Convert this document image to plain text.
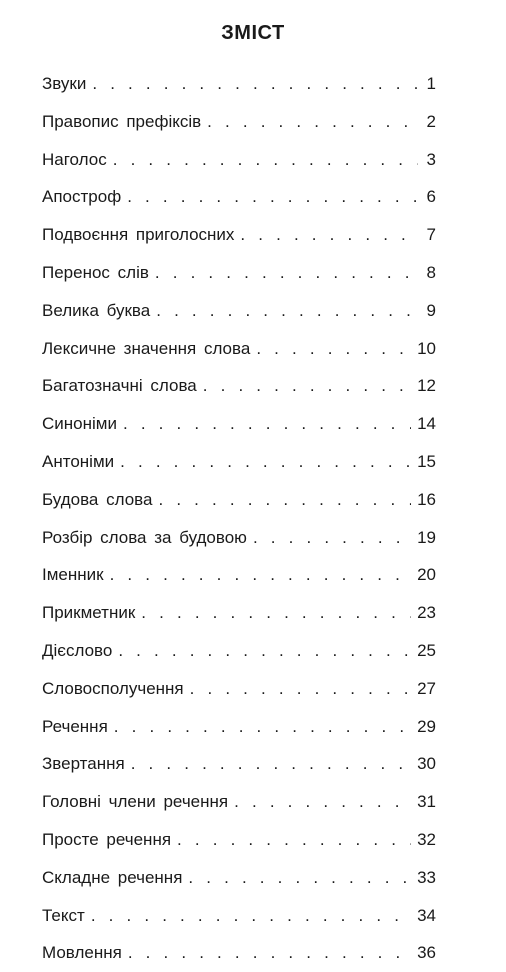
ЗМІСТ
Звуки . . .	1
Правопис префіксів . . .	2
Наголос . . .	3
Апостроф . . .	6
Подвоєння приголосних . . .	7
Перенос слів . . .	8
Велика буква . . .	9
Лексичне значення слова . . .	10
Багатозначні слова . . .	12
Синоніми . . .	14
Антоніми . . .	15
Будова слова . . .	16
Розбір слова за будовою . . .	19
Іменник . . .	20
Прикметник . . .	23
Дієслово . . .	25
Словосполучення . . .	27
Речення . . .	29
Звертання . . .	30
Головні члени речення . . .	31
Просте речення . . .	32
Складне речення . . .	33
Текст . . .	34
Мовлення . . .	36
